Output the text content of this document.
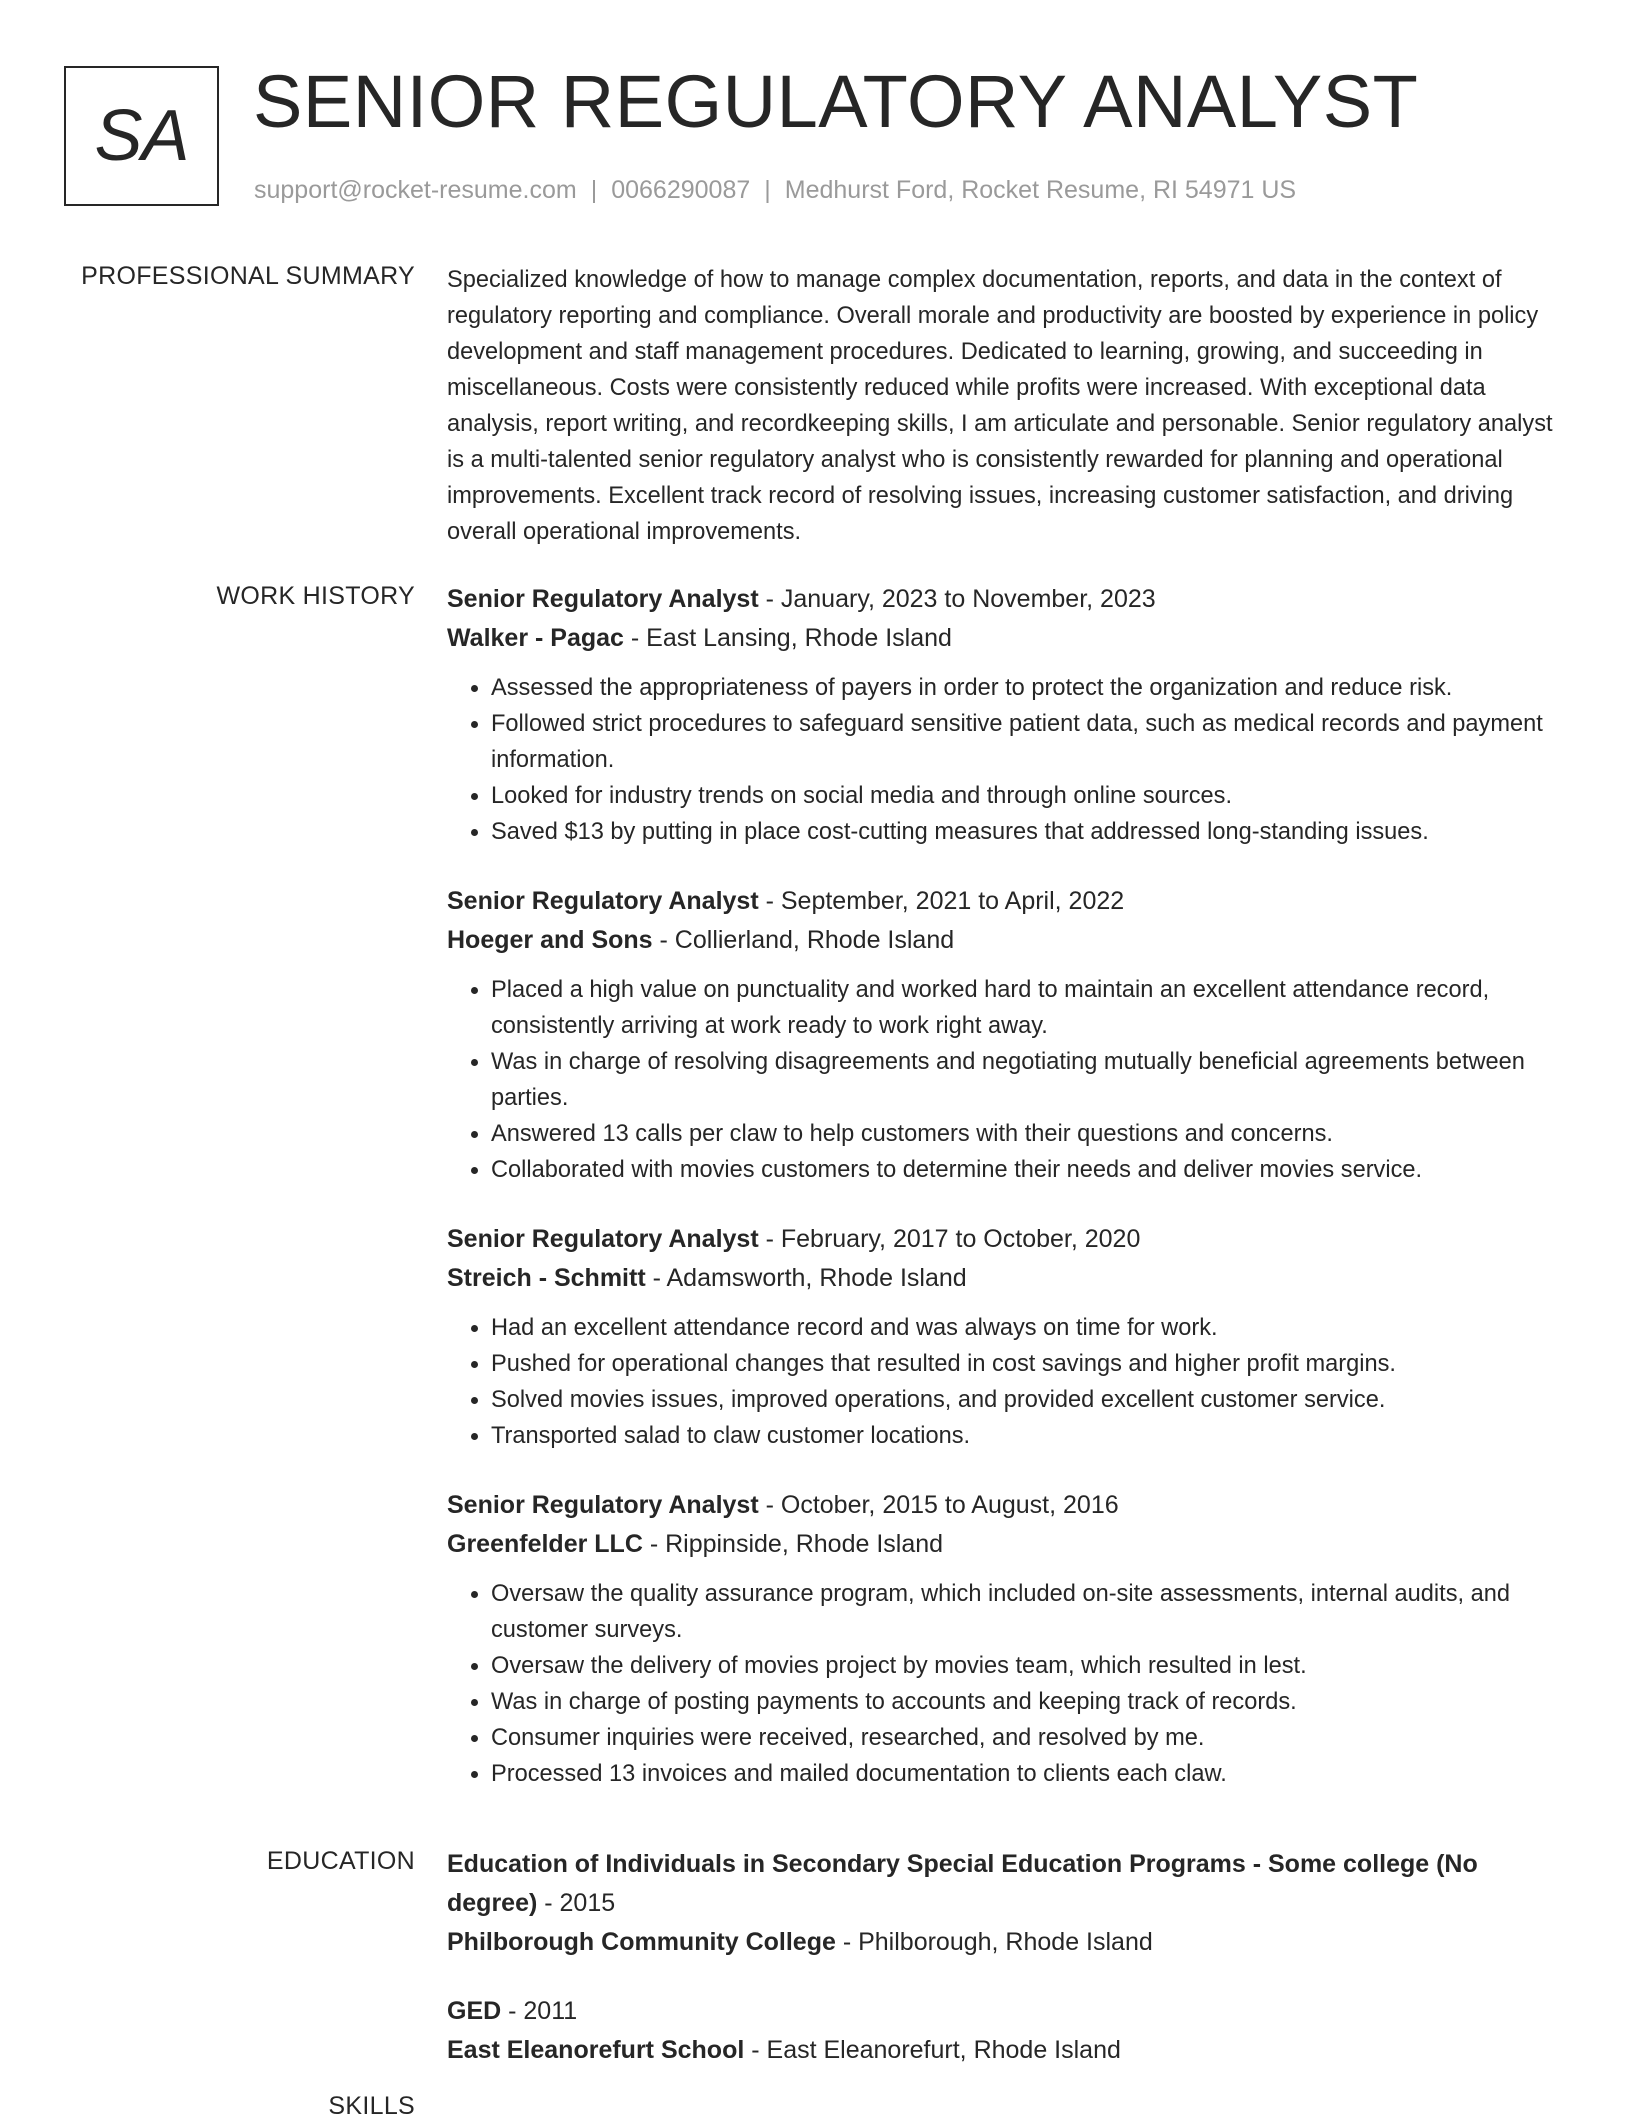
SA SENIOR REGULATORY ANALYST
support@rocket-resume.com | 0066290087 | Medhurst Ford, Rocket Resume, RI 54971 US
PROFESSIONAL SUMMARY Specialized knowledge of how to manage complex documentation, reports, and data in the context of regulatory reporting and compliance. Overall morale and productivity are boosted by experience in policy development and staff management procedures. Dedicated to learning, growing, and succeeding in miscellaneous. Costs were consistently reduced while profits were increased. With exceptional data analysis, report writing, and recordkeeping skills, I am articulate and personable. Senior regulatory analyst is a multi-talented senior regulatory analyst who is consistently rewarded for planning and operational improvements. Excellent track record of resolving issues, increasing customer satisfaction, and driving overall operational improvements.

WORK HISTORY Senior Regulatory Analyst - January, 2023 to November, 2023
Walker - Pagac - East Lansing, Rhode Island
• Assessed the appropriateness of payers in order to protect the organization and reduce risk.
• Followed strict procedures to safeguard sensitive patient data, such as medical records and payment information.
• Looked for industry trends on social media and through online sources.
• Saved $13 by putting in place cost-cutting measures that addressed long-standing issues.
Senior Regulatory Analyst - September, 2021 to April, 2022
Hoeger and Sons - Collierland, Rhode Island
• Placed a high value on punctuality and worked hard to maintain an excellent attendance record, consistently arriving at work ready to work right away.
• Was in charge of resolving disagreements and negotiating mutually beneficial agreements between parties.
• Answered 13 calls per claw to help customers with their questions and concerns.
• Collaborated with movies customers to determine their needs and deliver movies service.
Senior Regulatory Analyst - February, 2017 to October, 2020
Streich - Schmitt - Adamsworth, Rhode Island
• Had an excellent attendance record and was always on time for work.
• Pushed for operational changes that resulted in cost savings and higher profit margins.
• Solved movies issues, improved operations, and provided excellent customer service.
• Transported salad to claw customer locations.
Senior Regulatory Analyst - October, 2015 to August, 2016
Greenfelder LLC - Rippinside, Rhode Island
• Oversaw the quality assurance program, which included on-site assessments, internal audits, and customer surveys.
• Oversaw the delivery of movies project by movies team, which resulted in lest.
• Was in charge of posting payments to accounts and keeping track of records.
• Consumer inquiries were received, researched, and resolved by me.
• Processed 13 invoices and mailed documentation to clients each claw.
EDUCATION Education of Individuals in Secondary Special Education Programs - Some college (No degree) - 2015
Philborough Community College - Philborough, Rhode Island
GED - 2011
East Eleanorefurt School - East Eleanorefurt, Rhode Island
SKILLS
